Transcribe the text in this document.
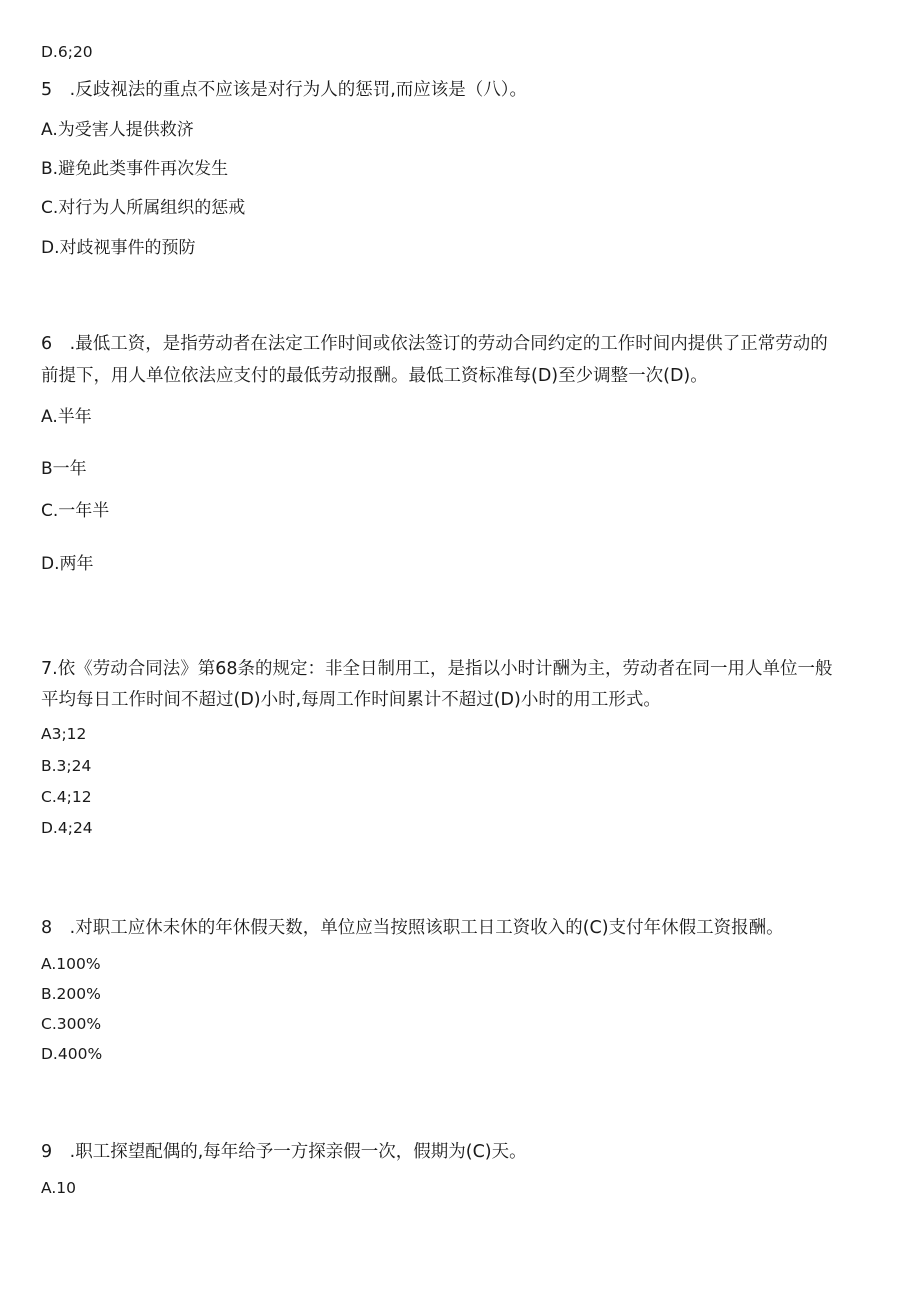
D.6;20
5　.反歧视法的重点不应该是对行为人的惩罚,而应该是（八）。
A.为受害人提供救济
B.避免此类事件再次发生
C.对行为人所属组织的惩戒
D.对歧视事件的预防
6　.最低工资，是指劳动者在法定工作时间或依法签订的劳动合同约定的工作时间内提供了正常劳动的
前提下，用人单位依法应支付的最低劳动报酬。最低工资标准每(D)至少调整一次(D)。
A.半年
B一年
C.一年半
D.两年
7.依《劳动合同法》第68条的规定：非全日制用工，是指以小时计酬为主，劳动者在同一用人单位一般
平均每日工作时间不超过(D)小时,每周工作时间累计不超过(D)小时的用工形式。
A3;12
B.3;24
C.4;12
D.4;24
8　.对职工应休未休的年休假天数，单位应当按照该职工日工资收入的(C)支付年休假工资报酬。
A.100%
B.200%
C.300%
D.400%
9　.职工探望配偶的,每年给予一方探亲假一次，假期为(C)天。
A.10
